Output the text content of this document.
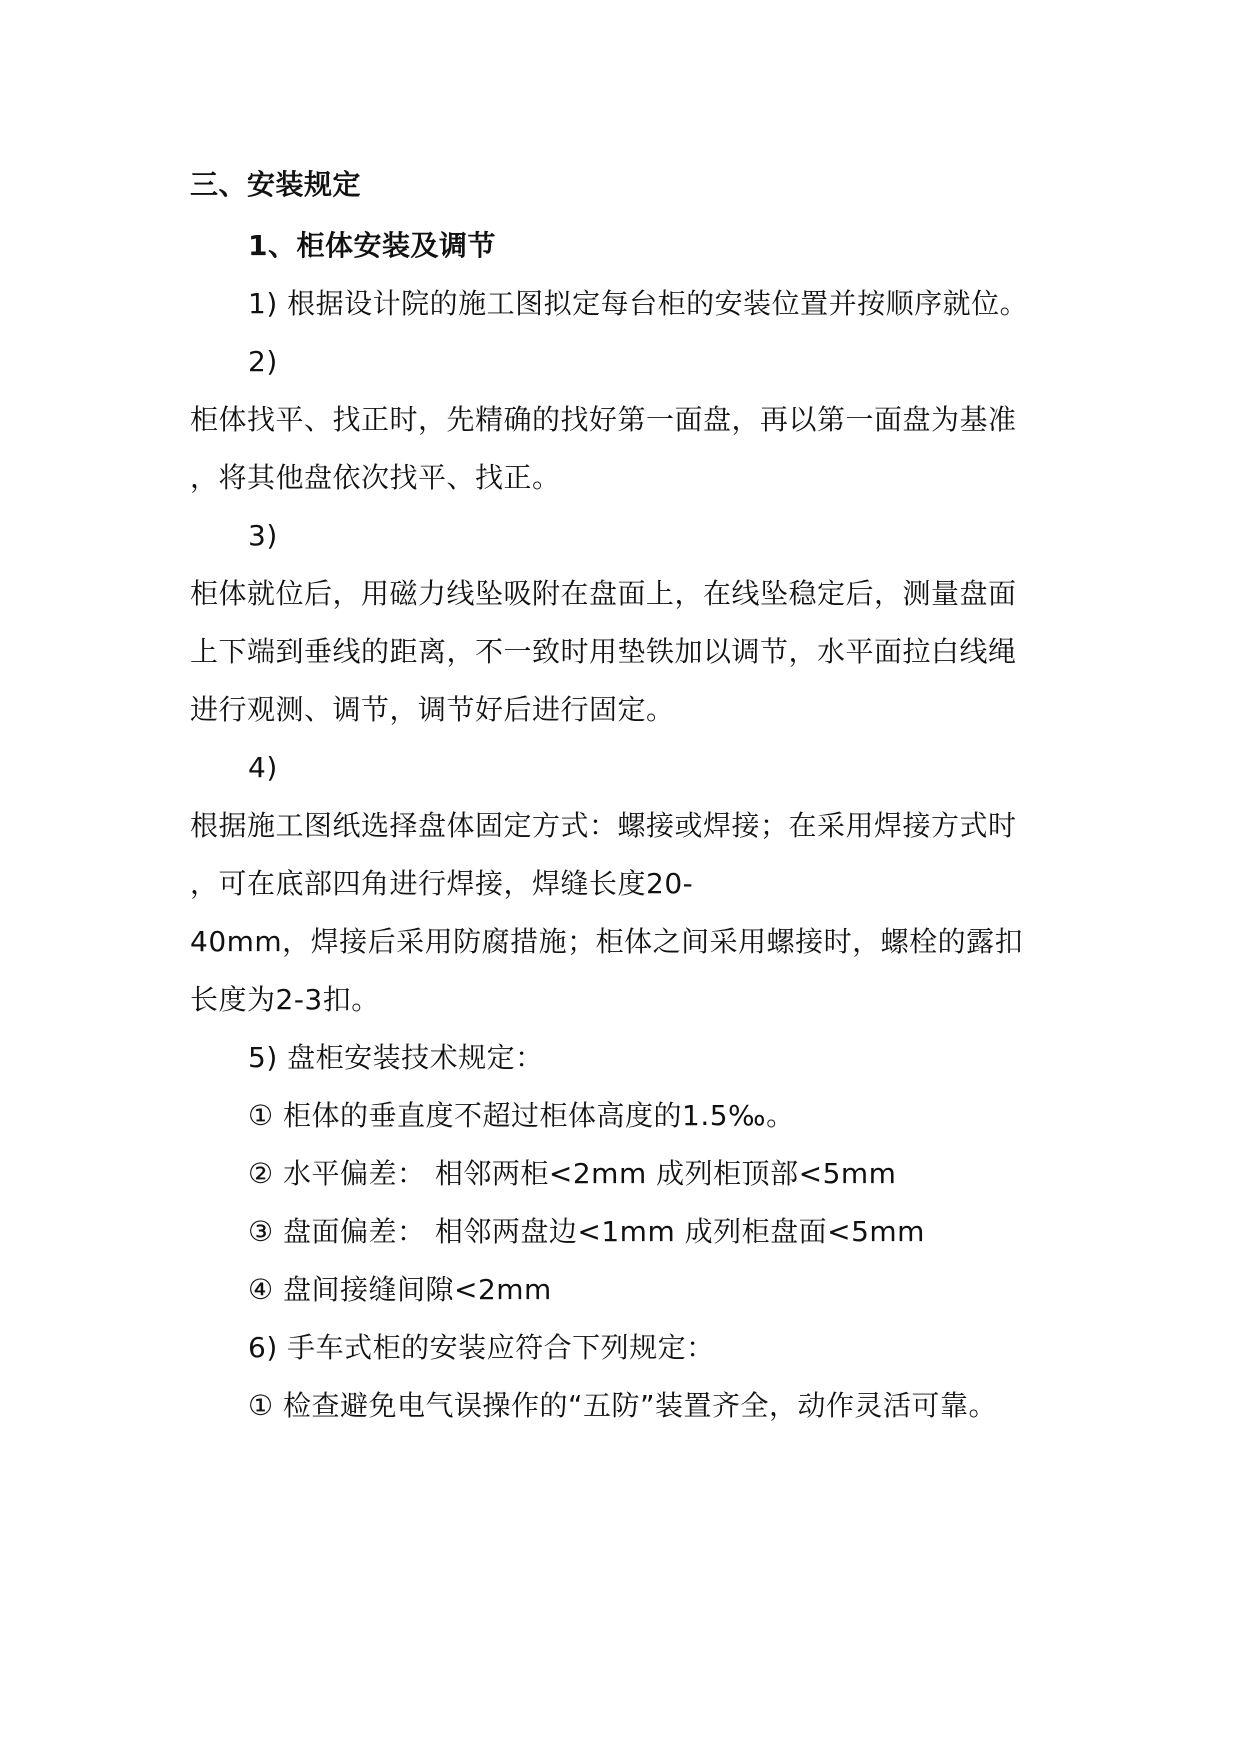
三、安装规定
1、柜体安装及调节
1) 根据设计院的施工图拟定每台柜的安装位置并按顺序就位。
2)
柜体找平、找正时，先精确的找好第一面盘，再以第一面盘为基准
，将其他盘依次找平、找正。
3)
柜体就位后，用磁力线坠吸附在盘面上，在线坠稳定后，测量盘面
上下端到垂线的距离，不一致时用垫铁加以调节，水平面拉白线绳
进行观测、调节，调节好后进行固定。
4)
根据施工图纸选择盘体固定方式：螺接或焊接；在采用焊接方式时
，可在底部四角进行焊接，焊缝长度20-
40mm，焊接后采用防腐措施；柜体之间采用螺接时，螺栓的露扣
长度为2-3扣。
5) 盘柜安装技术规定：
① 柜体的垂直度不超过柜体高度的1.5‰。
② 水平偏差： 相邻两柜<2mm 成列柜顶部<5mm
③ 盘面偏差： 相邻两盘边<1mm 成列柜盘面<5mm
④ 盘间接缝间隙<2mm
6) 手车式柜的安装应符合下列规定：
① 检查避免电气误操作的“五防”装置齐全，动作灵活可靠。
